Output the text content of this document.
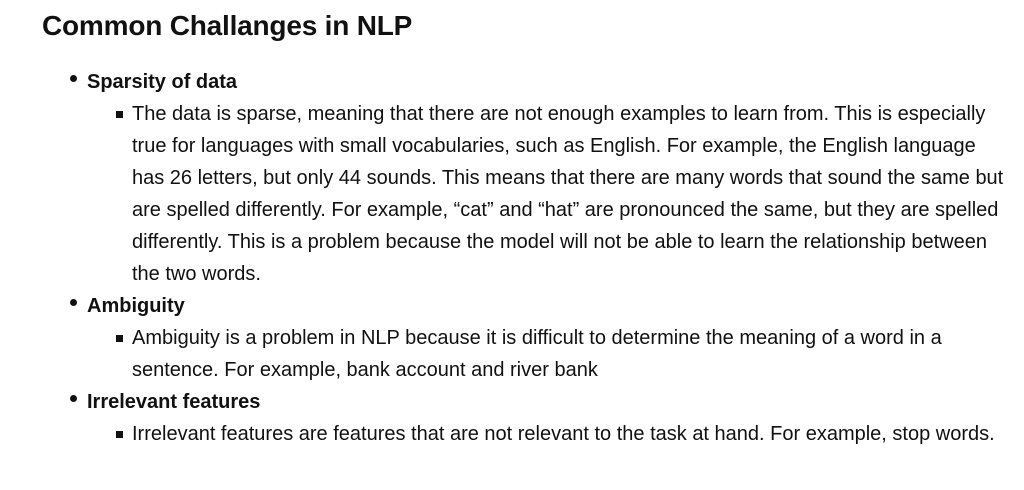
Common Challanges in NLP
Sparsity of data
The data is sparse, meaning that there are not enough examples to learn from. This is especially true for languages with small vocabularies, such as English. For example, the English language has 26 letters, but only 44 sounds. This means that there are many words that sound the same but are spelled differently. For example, “cat” and “hat” are pronounced the same, but they are spelled differently. This is a problem because the model will not be able to learn the relationship between the two words.
Ambiguity
Ambiguity is a problem in NLP because it is difficult to determine the meaning of a word in a sentence. For example, bank account and river bank
Irrelevant features
Irrelevant features are features that are not relevant to the task at hand. For example, stop words.
